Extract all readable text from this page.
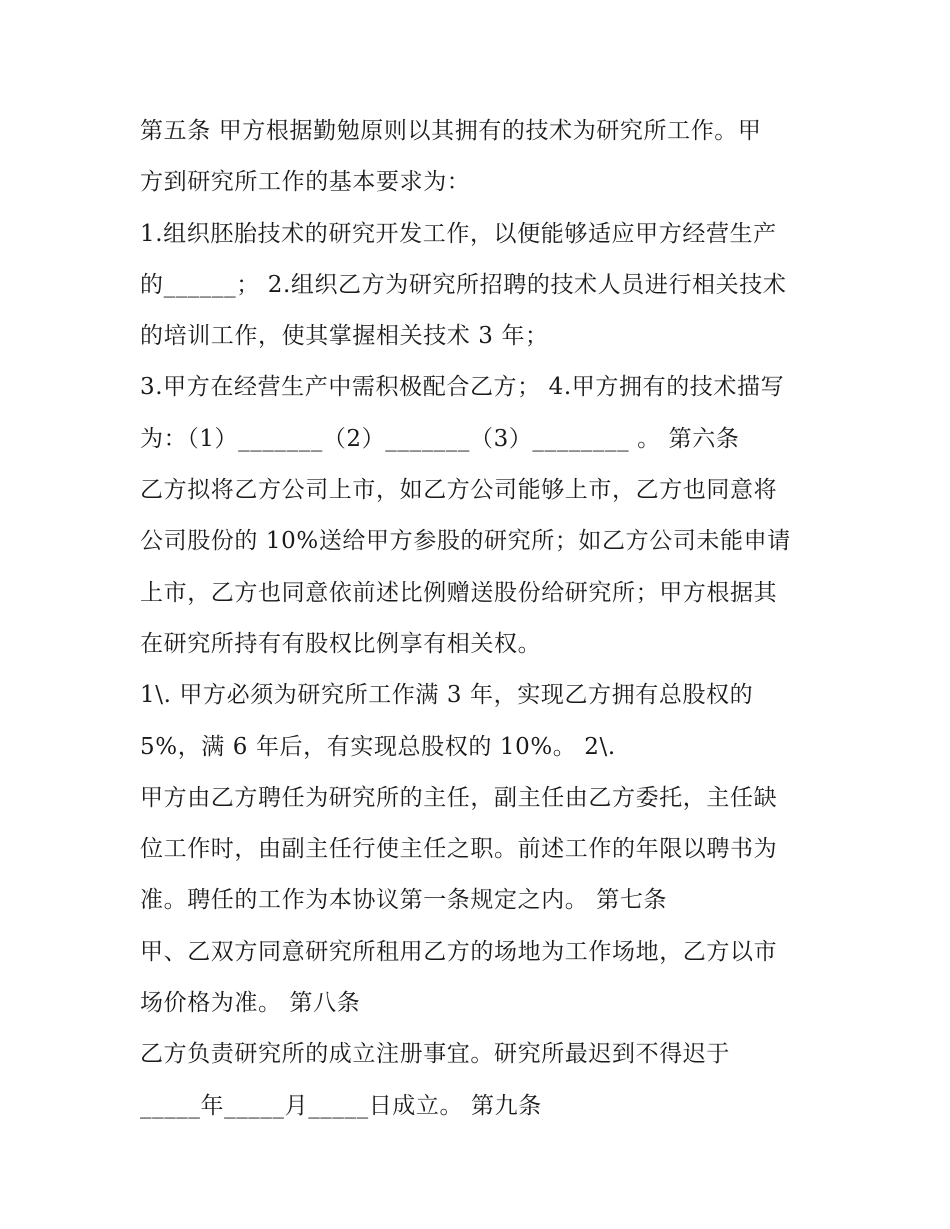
第五条 甲方根据勤勉原则以其拥有的技术为研究所工作。甲
方到研究所工作的基本要求为：
1.组织胚胎技术的研究开发工作，以便能够适应甲方经营生产
的______； 2.组织乙方为研究所招聘的技术人员进行相关技术
的培训工作，使其掌握相关技术 3 年；
3.甲方在经营生产中需积极配合乙方； 4.甲方拥有的技术描写
为：（1）_______（2）_______（3）________ 。 第六条
乙方拟将乙方公司上市，如乙方公司能够上市，乙方也同意将
公司股份的 10%送给甲方参股的研究所；如乙方公司未能申请
上市，乙方也同意依前述比例赠送股份给研究所；甲方根据其
在研究所持有有股权比例享有相关权。
1\. 甲方必须为研究所工作满 3 年，实现乙方拥有总股权的
5%，满 6 年后，有实现总股权的 10%。 2\.
甲方由乙方聘任为研究所的主任，副主任由乙方委托，主任缺
位工作时，由副主任行使主任之职。前述工作的年限以聘书为
准。聘任的工作为本协议第一条规定之内。 第七条
甲、乙双方同意研究所租用乙方的场地为工作场地，乙方以市
场价格为准。 第八条
乙方负责研究所的成立注册事宜。研究所最迟到不得迟于
_____年_____月_____日成立。 第九条
